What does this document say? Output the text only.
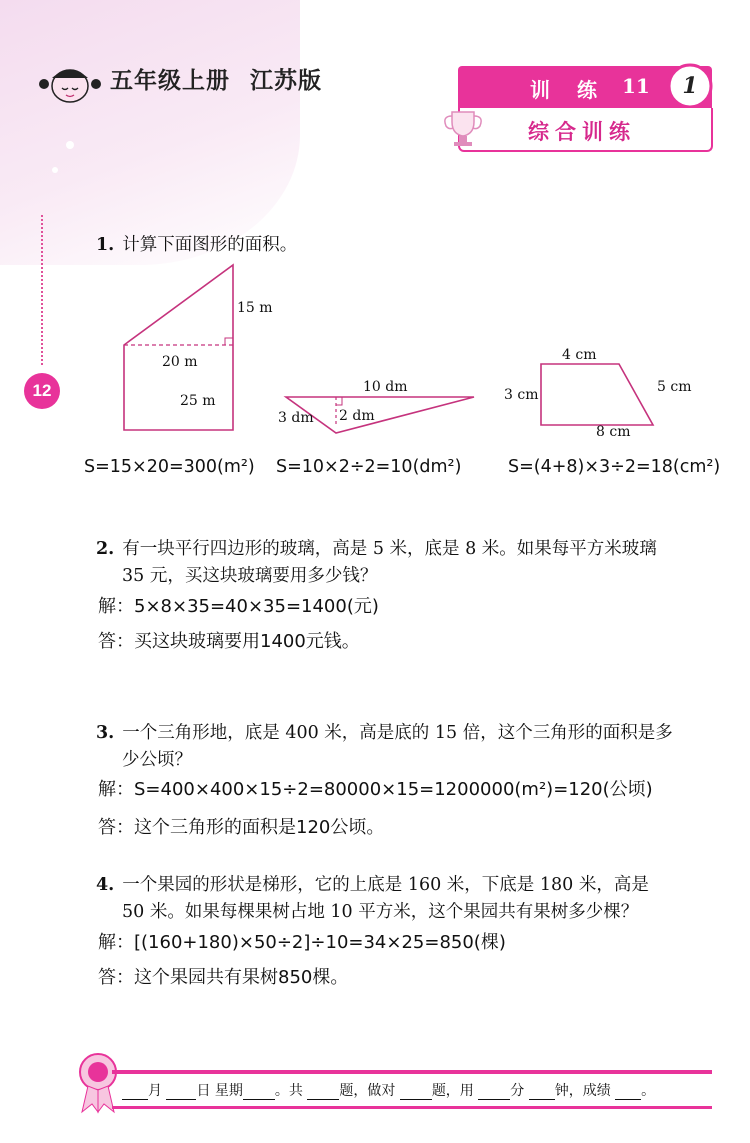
12
五年级上册 江苏版	训 练 11 1
综合训练
1. 计算下面图形的面积。
15 m
20 m
25 m
10 dm
3 dm 2 dm
4 cm
3 cm	5 cm
8 cm
S=15×20=300(m²) S=10×2÷2=10(dm²)	S=(4+8)×3÷2=18(cm²)
2. 有一块平行四边形的玻璃，高是 5 米，底是 8 米。如果每平方米玻璃
35 元，买这块玻璃要用多少钱？
解：5×8×35=40×35=1400(元)
答：买这块玻璃要用1400元钱。
3. 一个三角形地，底是 400 米，高是底的 15 倍，这个三角形的面积是多
少公顷？
解：S=400×400×15÷2=80000×15=1200000(m²)=120(公顷)
答：这个三角形的面积是120公顷。
4. 一个果园的形状是梯形，它的上底是 160 米，下底是 180 米，高是
50 米。如果每棵果树占地 10 平方米，这个果园共有果树多少棵？
解：[(160+180)×50÷2]÷10=34×25=850(棵)
答：这个果园共有果树850棵。
月 日 星期 。共	题，做对	题，用	分 钟，成绩 。
